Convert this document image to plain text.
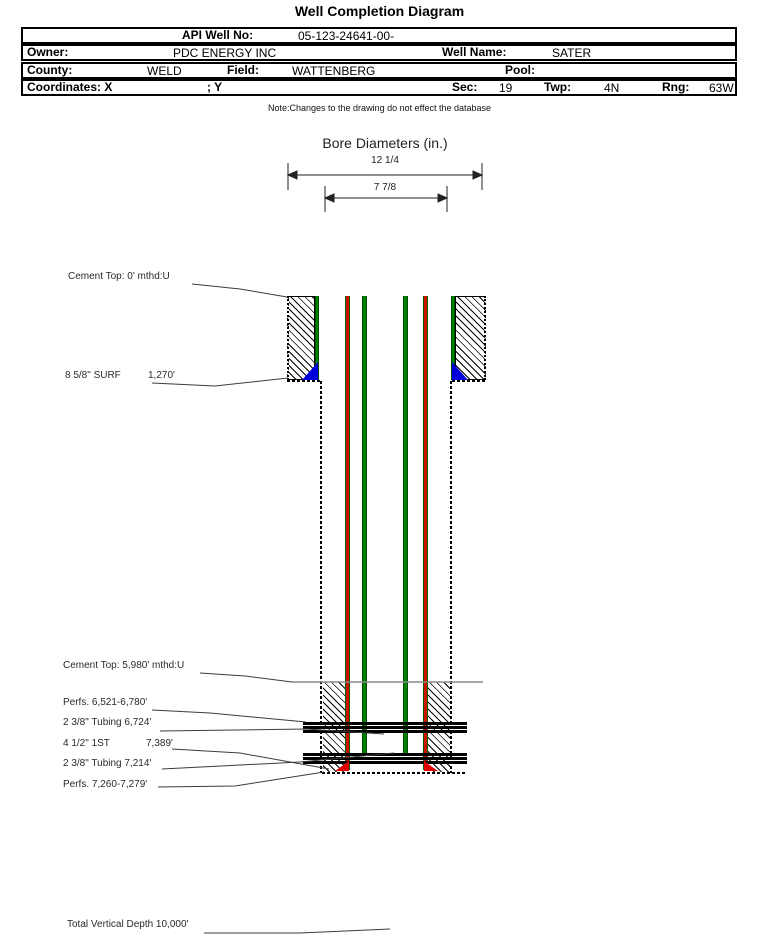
Well Completion Diagram
API Well No:	05-123-24641-00-
Owner:	PDC ENERGY INC	Well Name:	SATER
County:	WELD	Field:	WATTENBERG	Pool:
Coordinates: X	; Y	Sec: 19	Twp:	4N	Rng: 63W
Note:Changes to the drawing do not effect the database
Bore Diameters (in.)
12 1/4
7 7/8
Cement Top: 0' mthd:U
8 5/8" SURF	1,270'
Cement Top: 5,980' mthd:U
Perfs. 6,521-6,780'
2 3/8" Tubing 6,724'
4 1/2" 1ST	7,389'
2 3/8" Tubing 7,214'
Perfs. 7,260-7,279'
Total Vertical Depth 10,000'
